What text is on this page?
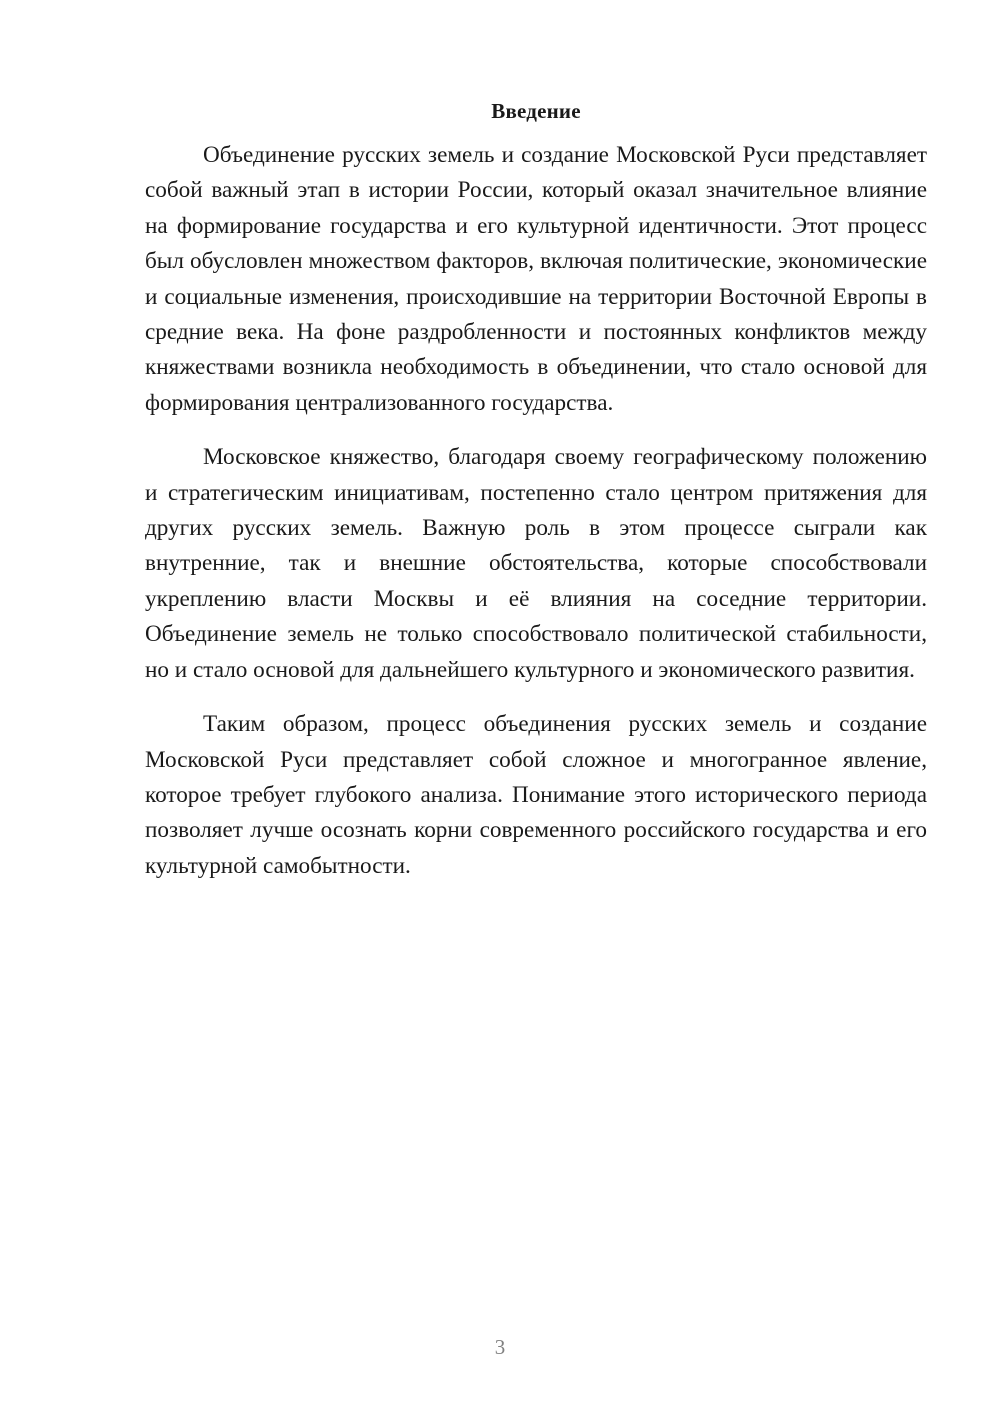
Введение

Объединение русских земель и создание Московской Руси представляет собой важный этап в истории России, который оказал значительное влияние на формирование государства и его культурной идентичности. Этот процесс был обусловлен множеством факторов, включая политические, экономические и социальные изменения, происходившие на территории Восточной Европы в средние века. На фоне раздробленности и постоянных конфликтов между княжествами возникла необходимость в объединении, что стало основой для формирования централизованного государства.

Московское княжество, благодаря своему географическому положению и стратегическим инициативам, постепенно стало центром притяжения для других русских земель. Важную роль в этом процессе сыграли как внутренние, так и внешние обстоятельства, которые способствовали укреплению власти Москвы и её влияния на соседние территории. Объединение земель не только способствовало политической стабильности, но и стало основой для дальнейшего культурного и экономического развития.

Таким образом, процесс объединения русских земель и создание Московской Руси представляет собой сложное и многогранное явление, которое требует глубокого анализа. Понимание этого исторического периода позволяет лучше осознать корни современного российского государства и его культурной самобытности.

3
